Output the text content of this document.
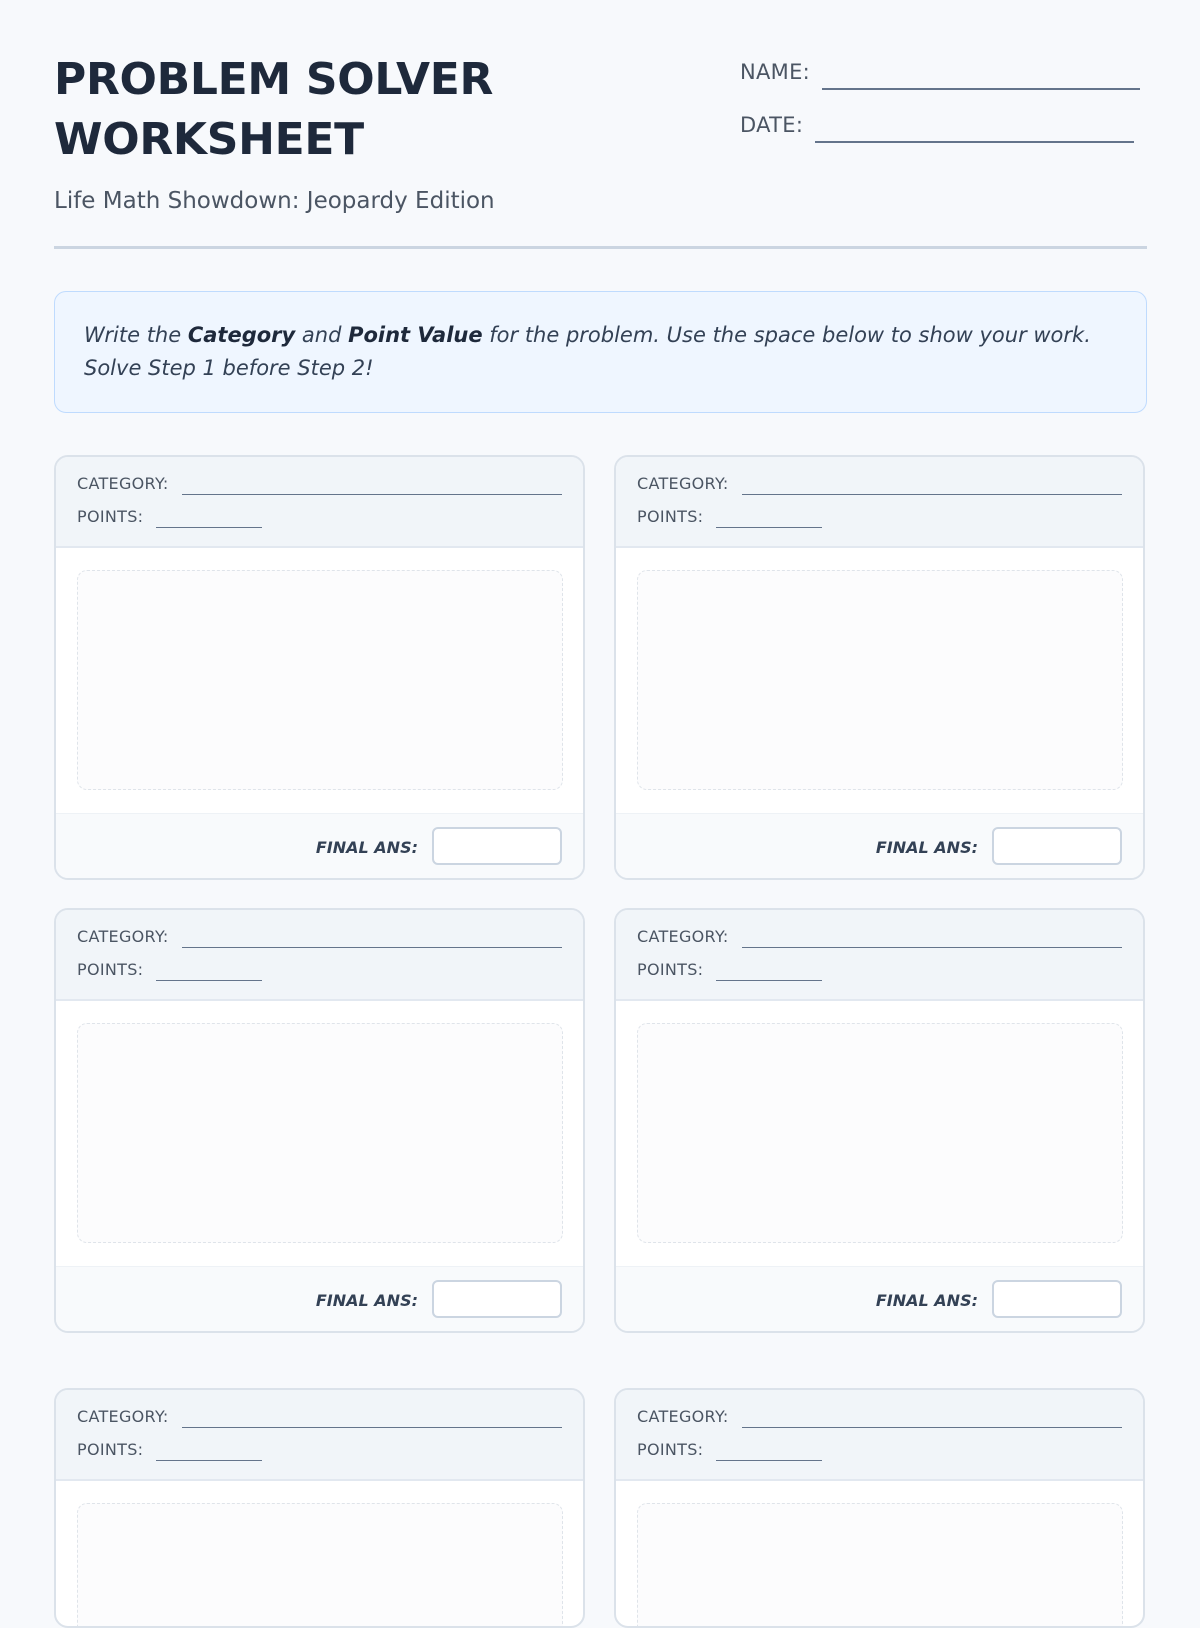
PROBLEM SOLVER WORKSHEET
Life Math Showdown: Jeopardy Edition
NAME:
DATE:
Write the Category and Point Value for the problem. Use the space below to show your work. Solve Step 1 before Step 2!
CATEGORY:
POINTS:
FINAL ANS:
CATEGORY:
POINTS:
FINAL ANS:
CATEGORY:
POINTS:
FINAL ANS:
CATEGORY:
POINTS:
FINAL ANS:
CATEGORY:
POINTS:
CATEGORY:
POINTS:
